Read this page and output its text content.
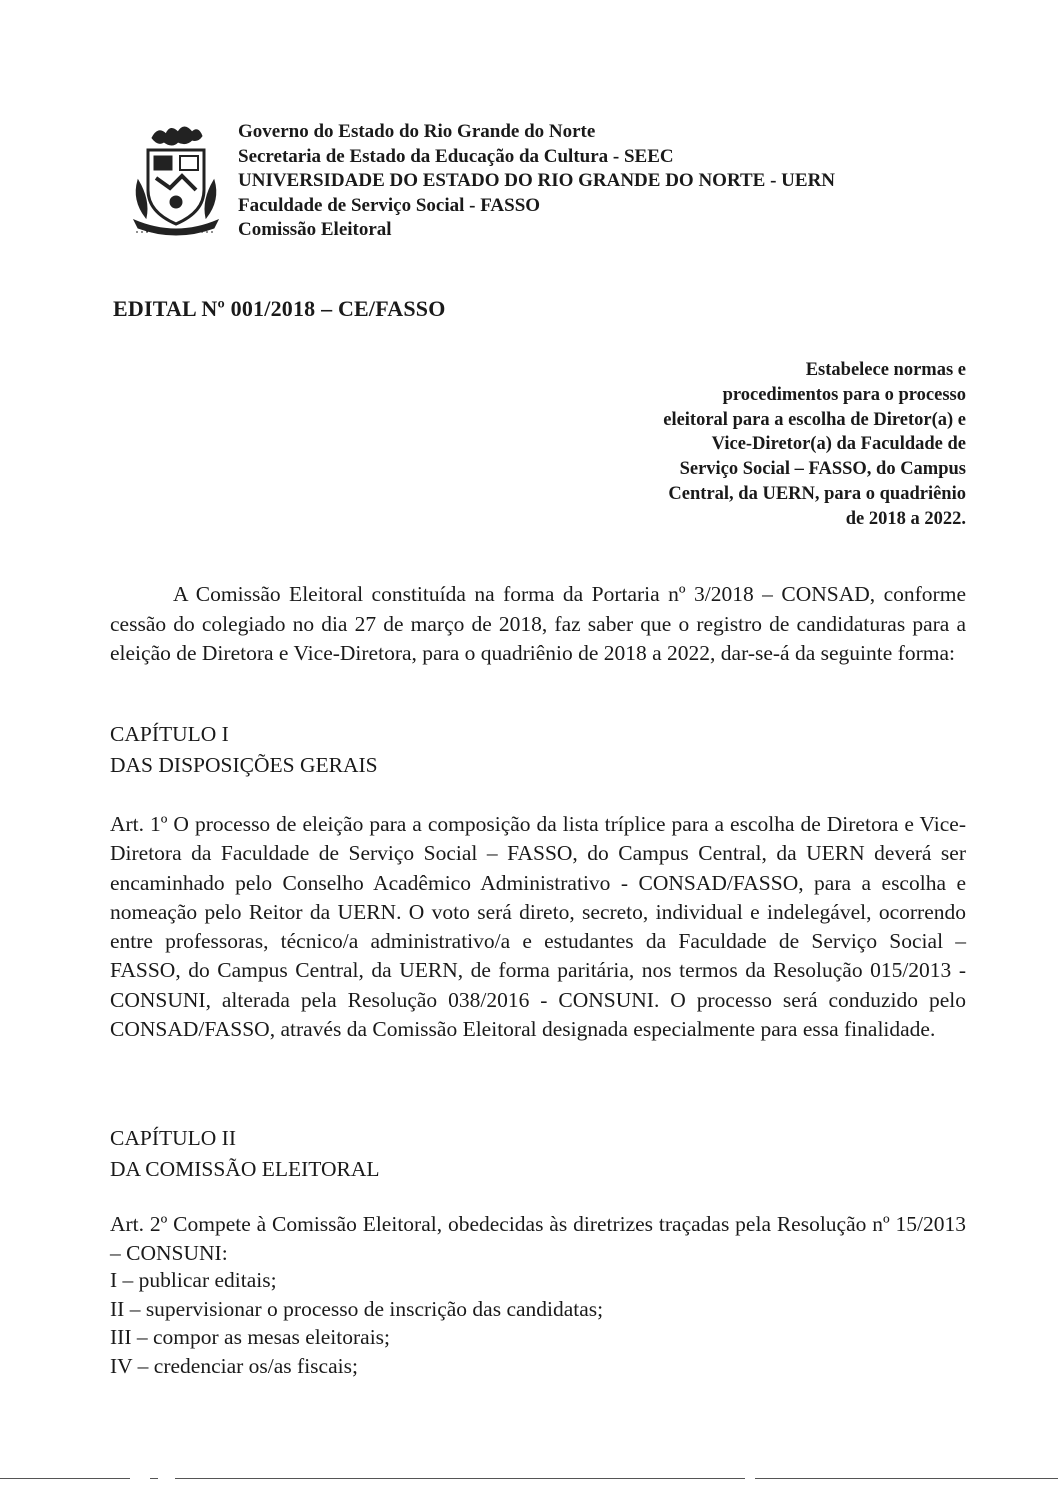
Governo do Estado do Rio Grande do Norte
Secretaria de Estado da Educação da Cultura - SEEC
UNIVERSIDADE DO ESTADO DO RIO GRANDE DO NORTE - UERN
Faculdade de Serviço Social - FASSO
Comissão Eleitoral
EDITAL Nº 001/2018 – CE/FASSO
Estabelece normas e
procedimentos para o processo
eleitoral para a escolha de Diretor(a) e
Vice-Diretor(a) da Faculdade de
Serviço Social – FASSO, do Campus
Central, da UERN, para o quadriênio
de 2018 a 2022.
A Comissão Eleitoral constituída na forma da Portaria nº 3/2018 – CONSAD, conforme cessão do colegiado no dia 27 de março de 2018, faz saber que o registro de candidaturas para a eleição de Diretora e Vice-Diretora, para o quadriênio de 2018 a 2022, dar-se-á da seguinte forma:
CAPÍTULO I
DAS DISPOSIÇÕES GERAIS
Art. 1º O processo de eleição para a composição da lista tríplice para a escolha de Diretora e Vice-Diretora da Faculdade de Serviço Social – FASSO, do Campus Central, da UERN deverá ser encaminhado pelo Conselho Acadêmico Administrativo - CONSAD/FASSO, para a escolha e nomeação pelo Reitor da UERN. O voto será direto, secreto, individual e indelegável, ocorrendo entre professoras, técnico/a administrativo/a e estudantes da Faculdade de Serviço Social – FASSO, do Campus Central, da UERN, de forma paritária, nos termos da Resolução 015/2013 - CONSUNI, alterada pela Resolução 038/2016 - CONSUNI. O processo será conduzido pelo CONSAD/FASSO, através da Comissão Eleitoral designada especialmente para essa finalidade.
CAPÍTULO II
DA COMISSÃO ELEITORAL
Art. 2º Compete à Comissão Eleitoral, obedecidas às diretrizes traçadas pela Resolução nº 15/2013 – CONSUNI:
I – publicar editais;
II – supervisionar o processo de inscrição das candidatas;
III – compor as mesas eleitorais;
IV – credenciar os/as fiscais;
